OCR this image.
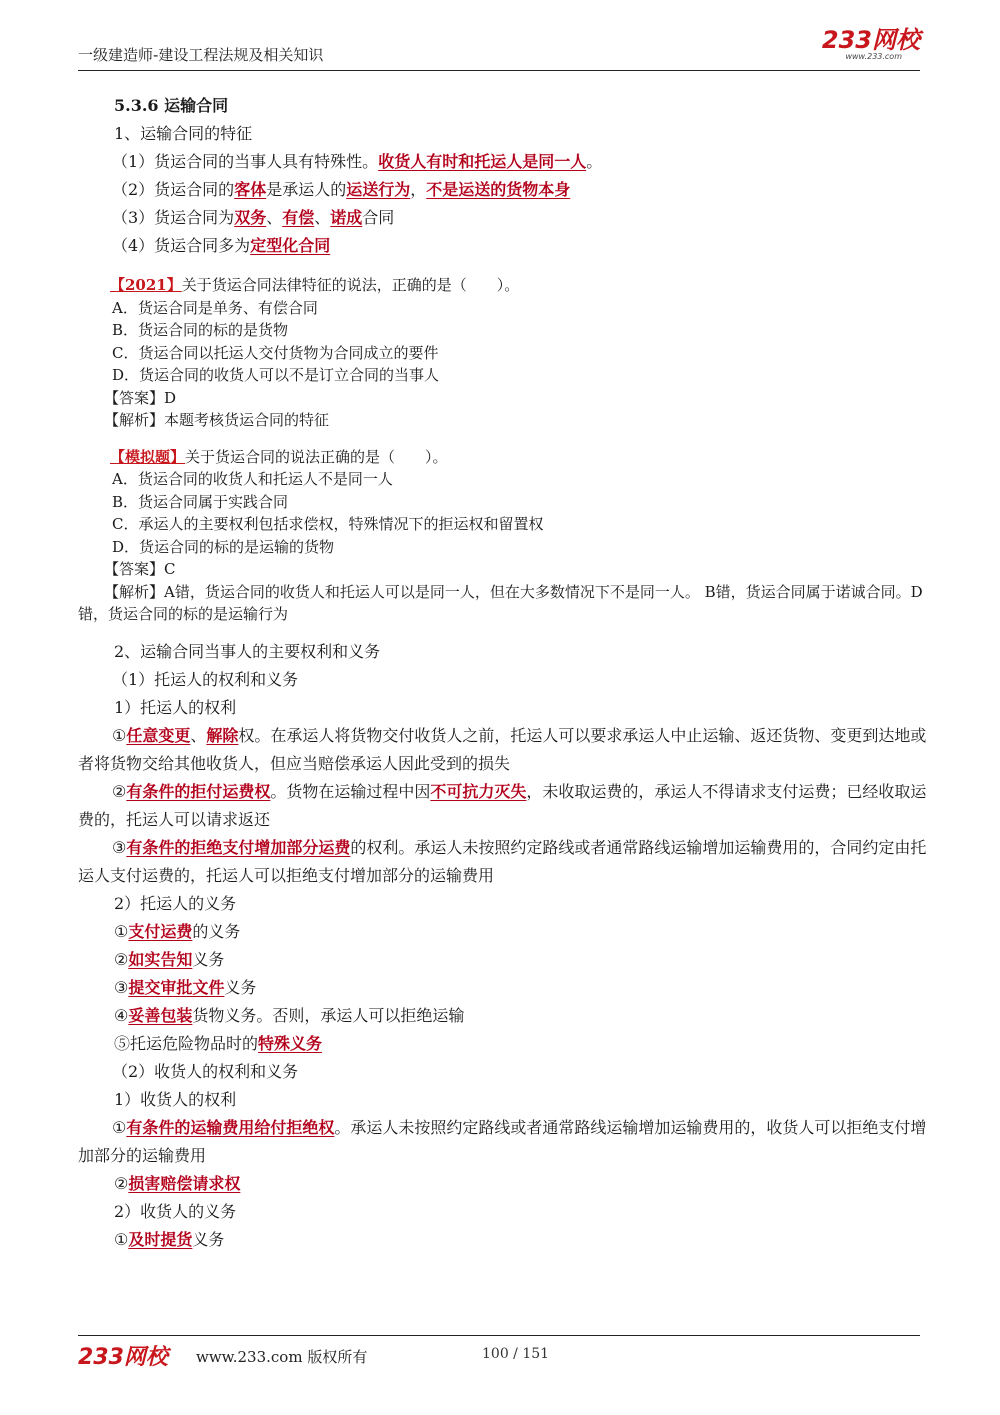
一级建造师-建设工程法规及相关知识
233网校
www.233.com
5.3.6 运输合同
1、运输合同的特征
（1）货运合同的当事人具有特殊性。收货人有时和托运人是同一人。
（2）货运合同的客体是承运人的运送行为，不是运送的货物本身
（3）货运合同为双务、有偿、诺成合同
（4）货运合同多为定型化合同
【2021】关于货运合同法律特征的说法，正确的是（　　）。
A．货运合同是单务、有偿合同
B．货运合同的标的是货物
C．货运合同以托运人交付货物为合同成立的要件
D．货运合同的收货人可以不是订立合同的当事人
【答案】D
【解析】本题考核货运合同的特征
【模拟题】关于货运合同的说法正确的是（　　）。
A．货运合同的收货人和托运人不是同一人
B．货运合同属于实践合同
C．承运人的主要权利包括求偿权，特殊情况下的拒运权和留置权
D．货运合同的标的是运输的货物
【答案】C
【解析】A错，货运合同的收货人和托运人可以是同一人，但在大多数情况下不是同一人。 B错，货运合同属于诺诚合同。D错，货运合同的标的是运输行为
2、运输合同当事人的主要权利和义务
（1）托运人的权利和义务
1）托运人的权利
①任意变更、解除权。在承运人将货物交付收货人之前，托运人可以要求承运人中止运输、返还货物、变更到达地或者将货物交给其他收货人，但应当赔偿承运人因此受到的损失
②有条件的拒付运费权。货物在运输过程中因不可抗力灭失，未收取运费的，承运人不得请求支付运费；已经收取运费的，托运人可以请求返还
③有条件的拒绝支付增加部分运费的权利。承运人未按照约定路线或者通常路线运输增加运输费用的，合同约定由托运人支付运费的，托运人可以拒绝支付增加部分的运输费用
2）托运人的义务
①支付运费的义务
②如实告知义务
③提交审批文件义务
④妥善包装货物义务。否则，承运人可以拒绝运输
⑤托运危险物品时的特殊义务
（2）收货人的权利和义务
1）收货人的权利
①有条件的运输费用给付拒绝权。承运人未按照约定路线或者通常路线运输增加运输费用的，收货人可以拒绝支付增加部分的运输费用
②损害赔偿请求权
2）收货人的义务
①及时提货义务
233网校 www.233.com 版权所有	100 / 151
